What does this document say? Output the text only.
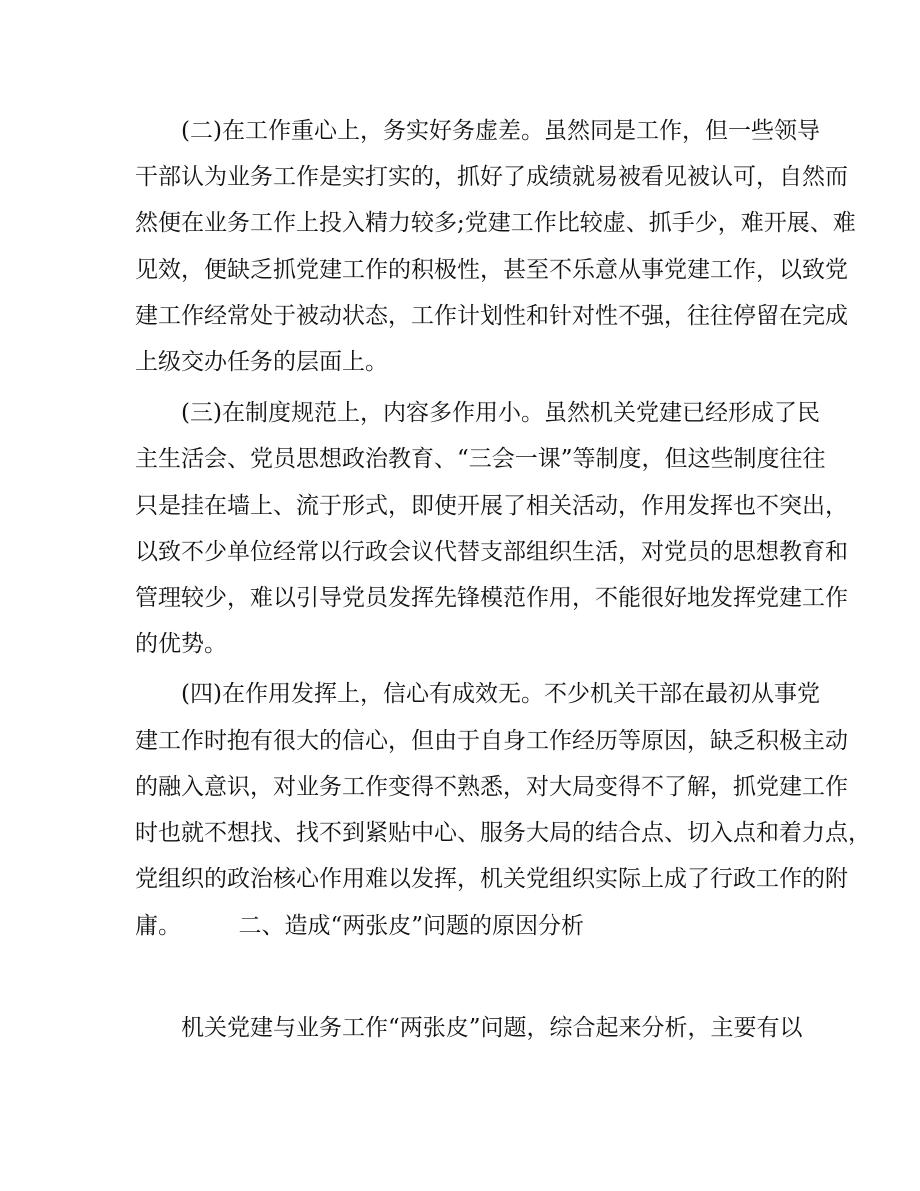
　　(二)在工作重心上，务实好务虚差。虽然同是工作，但一些领导

干部认为业务工作是实打实的，抓好了成绩就易被看见被认可，自然而

然便在业务工作上投入精力较多;党建工作比较虚、抓手少，难开展、难

见效，便缺乏抓党建工作的积极性，甚至不乐意从事党建工作，以致党

建工作经常处于被动状态，工作计划性和针对性不强，往往停留在完成

上级交办任务的层面上。

　　(三)在制度规范上，内容多作用小。虽然机关党建已经形成了民

主生活会、党员思想政治教育、“三会一课”等制度，但这些制度往往

只是挂在墙上、流于形式，即使开展了相关活动，作用发挥也不突出，

以致不少单位经常以行政会议代替支部组织生活，对党员的思想教育和

管理较少，难以引导党员发挥先锋模范作用，不能很好地发挥党建工作

的优势。

　　(四)在作用发挥上，信心有成效无。不少机关干部在最初从事党

建工作时抱有很大的信心，但由于自身工作经历等原因，缺乏积极主动

的融入意识，对业务工作变得不熟悉，对大局变得不了解，抓党建工作

时也就不想找、找不到紧贴中心、服务大局的结合点、切入点和着力点，

党组织的政治核心作用难以发挥，机关党组织实际上成了行政工作的附

庸。　　　二、造成“两张皮”问题的原因分析

　　机关党建与业务工作“两张皮”问题，综合起来分析，主要有以
